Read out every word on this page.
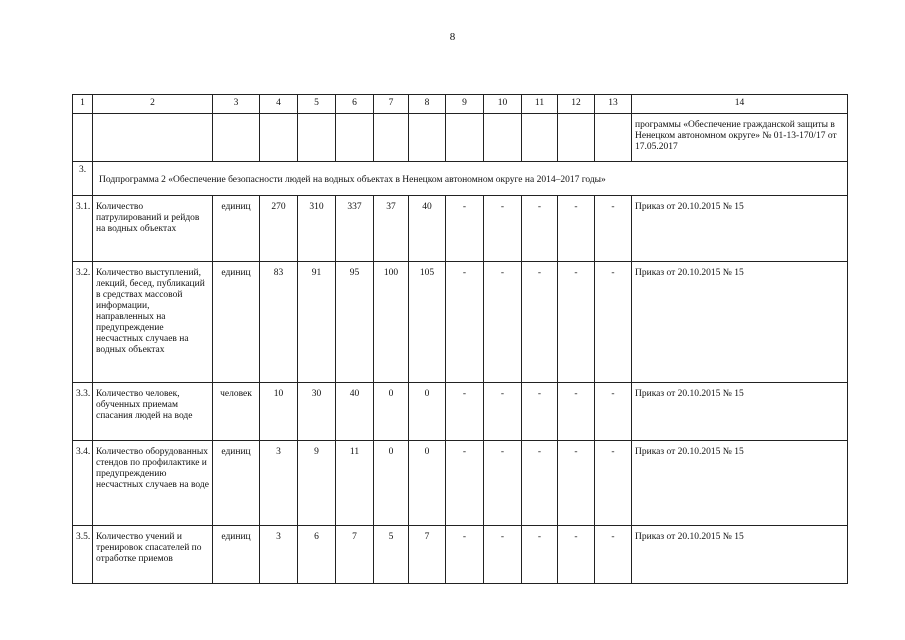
8
1	2	3	4	5	6	7	8	9	10	11	12	13	14
													программы «Обеспечение гражданской защиты в Ненецком автономном округе» № 01-13-170/17 от 17.05.2017
3.	Подпрограмма 2 «Обеспечение безопасности людей на водных объектах в Ненецком автономном округе на 2014–2017 годы»												
3.1.	Количество патрулирований и рейдов на водных объектах	единиц	270	310	337	37	40	-	-	-	-	-	Приказ от 20.10.2015 № 15
3.2.	Количество выступлений, лекций, бесед, публикаций в средствах массовой информации, направленных на предупреждение несчастных случаев на водных объектах	единиц	83	91	95	100	105	-	-	-	-	-	Приказ от 20.10.2015 № 15
3.3.	Количество человек, обученных приемам спасания людей на воде	человек	10	30	40	0	0	-	-	-	-	-	Приказ от 20.10.2015 № 15
3.4.	Количество оборудованных стендов по профилактике и предупреждению несчастных случаев на воде	единиц	3	9	11	0	0	-	-	-	-	-	Приказ от 20.10.2015 № 15
3.5.	Количество учений и тренировок спасателей по отработке приемов	единиц	3	6	7	5	7	-	-	-	-	-	Приказ от 20.10.2015 № 15
